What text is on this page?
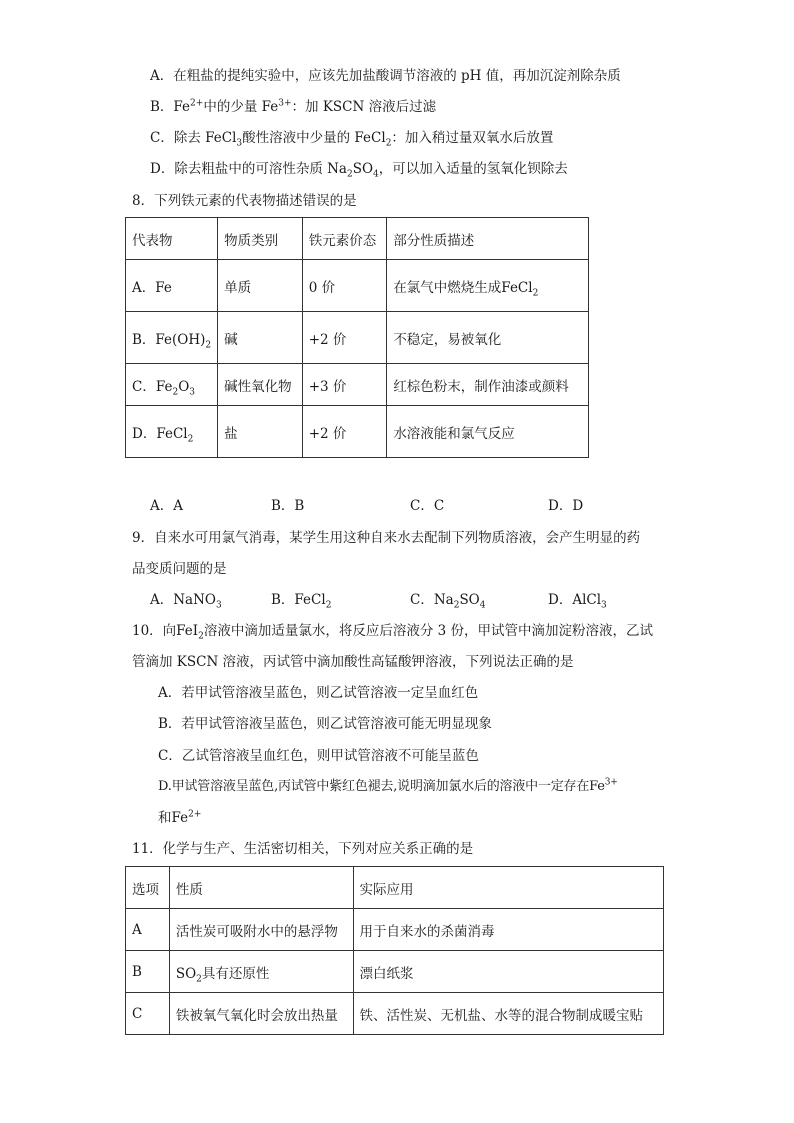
A．在粗盐的提纯实验中，应该先加盐酸调节溶液的 pH 值，再加沉淀剂除杂质
B．$Fe^{2+}$中的少量 $Fe^{3+}$：加 KSCN 溶液后过滤
C．除去 FeCl$_3$酸性溶液中少量的 FeCl$_2$：加入稍过量双氧水后放置
D．除去粗盐中的可溶性杂质 $Na_2SO_4$，可以加入适量的氢氧化钡除去
8．下列铁元素的代表物描述错误的是
代表物	物质类别	铁元素价态	部分性质描述
A．Fe	单质	0 价	在氯气中燃烧生成FeCl$_2$
B．$Fe(OH)_2$	碱	+2 价	不稳定，易被氧化
C．$Fe_2O_3$	碱性氧化物	+3 价	红棕色粉末，制作油漆或颜料
D．FeCl$_2$	盐	+2 价	水溶液能和氯气反应
A．A	B．B	C．C	D．D
9．自来水可用氯气消毒，某学生用这种自来水去配制下列物质溶液，会产生明显的药
品变质问题的是
A．NaNO$_3$	B．FeCl$_2$	C．$Na_2SO_4$	D．AlCl$_3$
10．向FeI$_2$溶液中滴加适量氯水，将反应后溶液分 3 份，甲试管中滴加淀粉溶液，乙试
管滴加 KSCN 溶液，丙试管中滴加酸性高锰酸钾溶液，下列说法正确的是
A．若甲试管溶液呈蓝色，则乙试管溶液一定呈血红色
B．若甲试管溶液呈蓝色，则乙试管溶液可能无明显现象
C．乙试管溶液呈血红色，则甲试管溶液不可能呈蓝色
D.甲试管溶液呈蓝色,丙试管中紫红色褪去,说明滴加氯水后的溶液中一定存在$Fe^{3+}$
和$Fe^{2+}$
11．化学与生产、生活密切相关，下列对应关系正确的是
选项	性质	实际应用
A	活性炭可吸附水中的悬浮物	用于自来水的杀菌消毒
B	$SO_2$具有还原性	漂白纸浆
C	铁被氧气氧化时会放出热量	铁、活性炭、无机盐、水等的混合物制成暖宝贴
